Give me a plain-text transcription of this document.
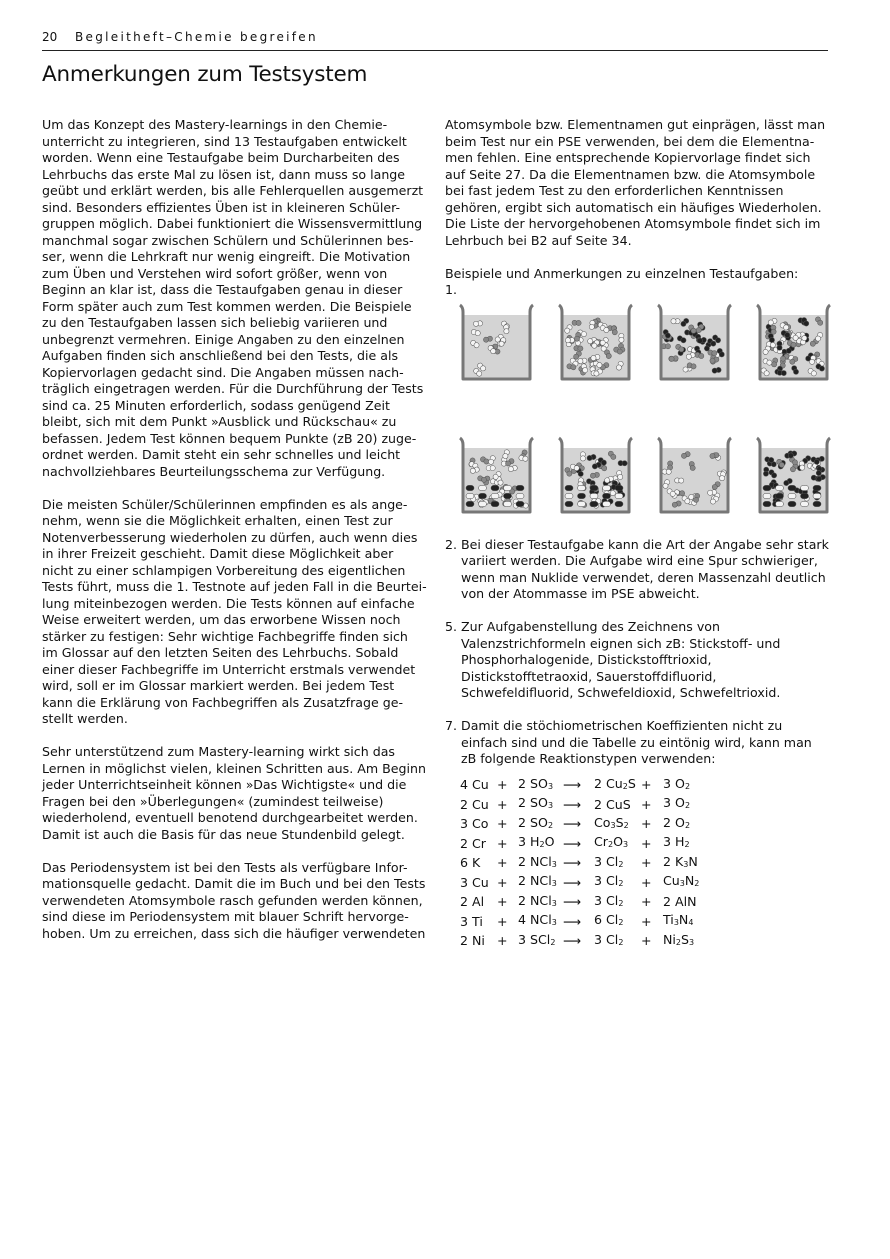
20 Begleitheft–Chemie begreifen
Anmerkungen zum Testsystem

Um das Konzept des Mastery-learnings in den Chemie-
unterricht zu integrieren, sind 13 Testaufgaben entwickelt
worden. Wenn eine Testaufgabe beim Durcharbeiten des
Lehrbuchs das erste Mal zu lösen ist, dann muss so lange
geübt und erklärt werden, bis alle Fehlerquellen ausgemerzt
sind. Besonders effizientes Üben ist in kleineren Schüler-
gruppen möglich. Dabei funktioniert die Wissensvermittlung
manchmal sogar zwischen Schülern und Schülerinnen bes-
ser, wenn die Lehrkraft nur wenig eingreift. Die Motivation
zum Üben und Verstehen wird sofort größer, wenn von
Beginn an klar ist, dass die Testaufgaben genau in dieser
Form später auch zum Test kommen werden. Die Beispiele
zu den Testaufgaben lassen sich beliebig variieren und
unbegrenzt vermehren. Einige Angaben zu den einzelnen
Aufgaben finden sich anschließend bei den Tests, die als
Kopiervorlagen gedacht sind. Die Angaben müssen nach-
träglich eingetragen werden. Für die Durchführung der Tests
sind ca. 25 Minuten erforderlich, sodass genügend Zeit
bleibt, sich mit dem Punkt »Ausblick und Rückschau« zu
befassen. Jedem Test können bequem Punkte (zB 20) zuge-
ordnet werden. Damit steht ein sehr schnelles und leicht
nachvollziehbares Beurteilungsschema zur Verfügung.

Die meisten Schüler/Schülerinnen empfinden es als ange-
nehm, wenn sie die Möglichkeit erhalten, einen Test zur
Notenverbesserung wiederholen zu dürfen, auch wenn dies
in ihrer Freizeit geschieht. Damit diese Möglichkeit aber
nicht zu einer schlampigen Vorbereitung des eigentlichen
Tests führt, muss die 1. Testnote auf jeden Fall in die Beurtei-
lung miteinbezogen werden. Die Tests können auf einfache
Weise erweitert werden, um das erworbene Wissen noch
stärker zu festigen: Sehr wichtige Fachbegriffe finden sich
im Glossar auf den letzten Seiten des Lehrbuchs. Sobald
einer dieser Fachbegriffe im Unterricht erstmals verwendet
wird, soll er im Glossar markiert werden. Bei jedem Test
kann die Erklärung von Fachbegriffen als Zusatzfrage ge-
stellt werden.

Sehr unterstützend zum Mastery-learning wirkt sich das
Lernen in möglichst vielen, kleinen Schritten aus. Am Beginn
jeder Unterrichtseinheit können »Das Wichtigste« und die
Fragen bei den »Überlegungen« (zumindest teilweise)
wiederholend, eventuell benotend durchgearbeitet werden.
Damit ist auch die Basis für das neue Stundenbild gelegt.

Das Periodensystem ist bei den Tests als verfügbare Infor-
mationsquelle gedacht. Damit die im Buch und bei den Tests
verwendeten Atomsymbole rasch gefunden werden können,
sind diese im Periodensystem mit blauer Schrift hervorge-
hoben. Um zu erreichen, dass sich die häufiger verwendeten

Atomsymbole bzw. Elementnamen gut einprägen, lässt man
beim Test nur ein PSE verwenden, bei dem die Elementna-
men fehlen. Eine entsprechende Kopiervorlage findet sich
auf Seite 27. Da die Elementnamen bzw. die Atomsymbole
bei fast jedem Test zu den erforderlichen Kenntnissen
gehören, ergibt sich automatisch ein häufiges Wiederholen.
Die Liste der hervorgehobenen Atomsymbole findet sich im
Lehrbuch bei B2 auf Seite 34.

Beispiele und Anmerkungen zu einzelnen Testaufgaben:
1.
2. Bei dieser Testaufgabe kann die Art der Angabe sehr stark
variiert werden. Die Aufgabe wird eine Spur schwieriger,
wenn man Nuklide verwendet, deren Massenzahl deutlich
von der Atommasse im PSE abweicht.
5. Zur Aufgabenstellung des Zeichnens von
Valenzstrichformeln eignen sich zB: Stickstoff- und
Phosphorhalogenide, Distickstofftrioxid,
Distickstofftetraoxid, Sauerstoffdifluorid,
Schwefeldifluorid, Schwefeldioxid, Schwefeltrioxid.
7. Damit die stöchiometrischen Koeffizienten nicht zu
einfach sind und die Tabelle zu eintönig wird, kann man
zB folgende Reaktionstypen verwenden:
4 Cu	+	2 SO3	⟶	2 Cu2S	+	3 O2
2 Cu	+	2 SO3	⟶	2 CuS	+	3 O2
3 Co	+	2 SO2	⟶	Co3S2	+	2 O2
2 Cr	+	3 H2O	⟶	Cr2O3	+	3 H2
6 K	+	2 NCl3	⟶	3 Cl2	+	2 K3N
3 Cu	+	2 NCl3	⟶	3 Cl2	+	Cu3N2
2 Al	+	2 NCl3	⟶	3 Cl2	+	2 AlN
3 Ti	+	4 NCl3	⟶	6 Cl2	+	Ti3N4
2 Ni	+	3 SCl2	⟶	3 Cl2	+	Ni2S3
